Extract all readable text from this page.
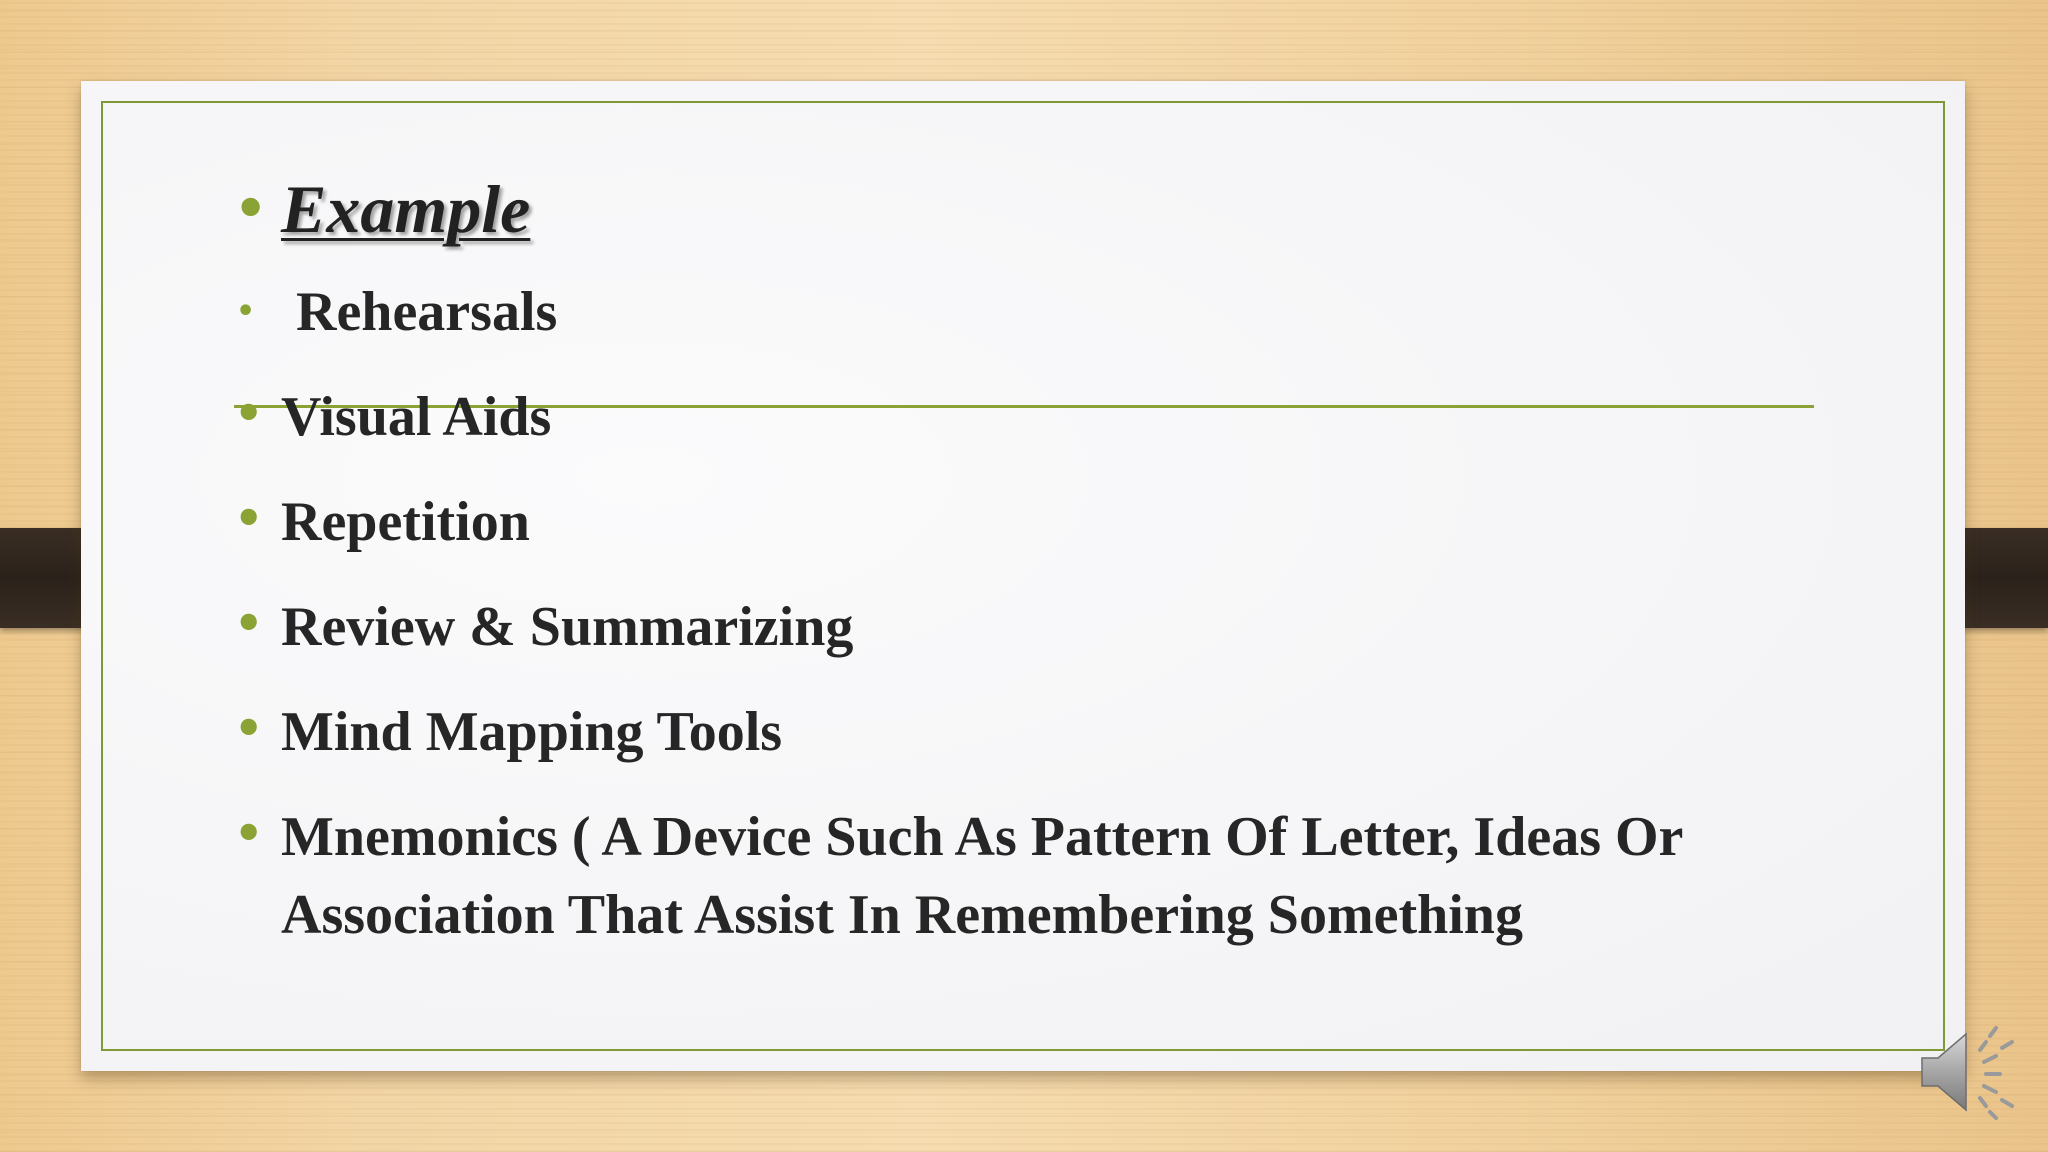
• Example
• Rehearsals
• Visual Aids
• Repetition
• Review & Summarizing
• Mind Mapping Tools
• Mnemonics ( A Device Such As Pattern Of Letter, Ideas Or Association That Assist In Remembering Something
